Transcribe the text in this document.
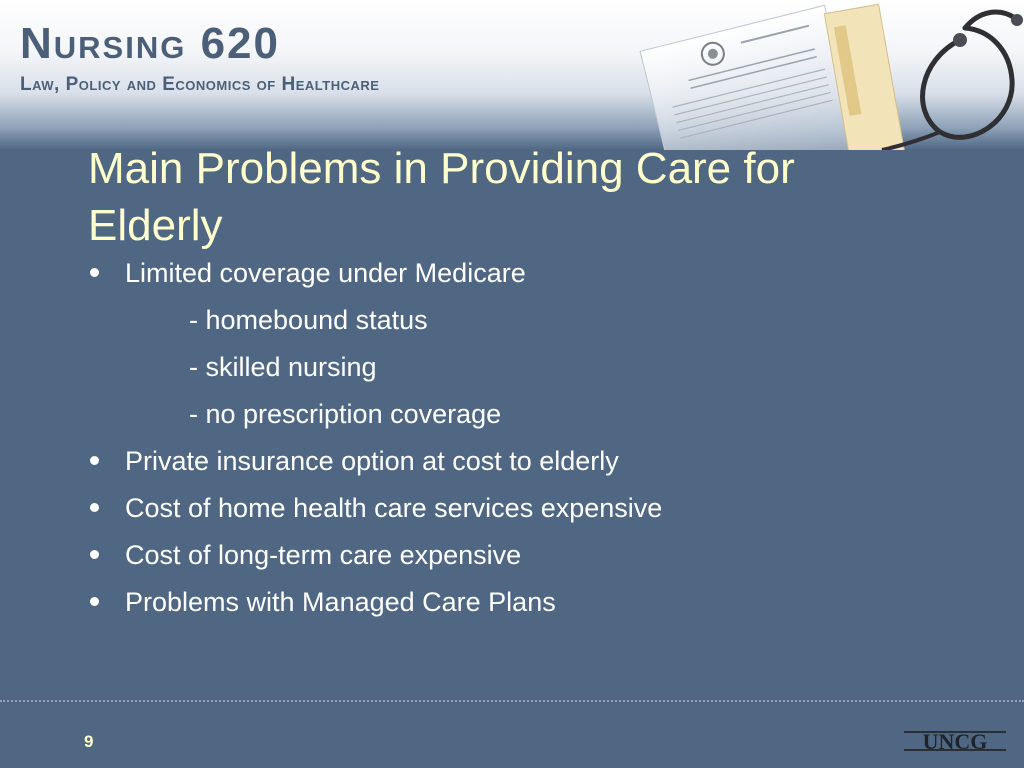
Nursing 620
Law, Policy and Economics of Healthcare
Main Problems in Providing Care for Elderly
Limited coverage under Medicare
- homebound status
- skilled nursing
- no prescription coverage
Private insurance option at cost to elderly
Cost of home health care services expensive
Cost of long-term care expensive
Problems with Managed Care Plans
9	UNCG
